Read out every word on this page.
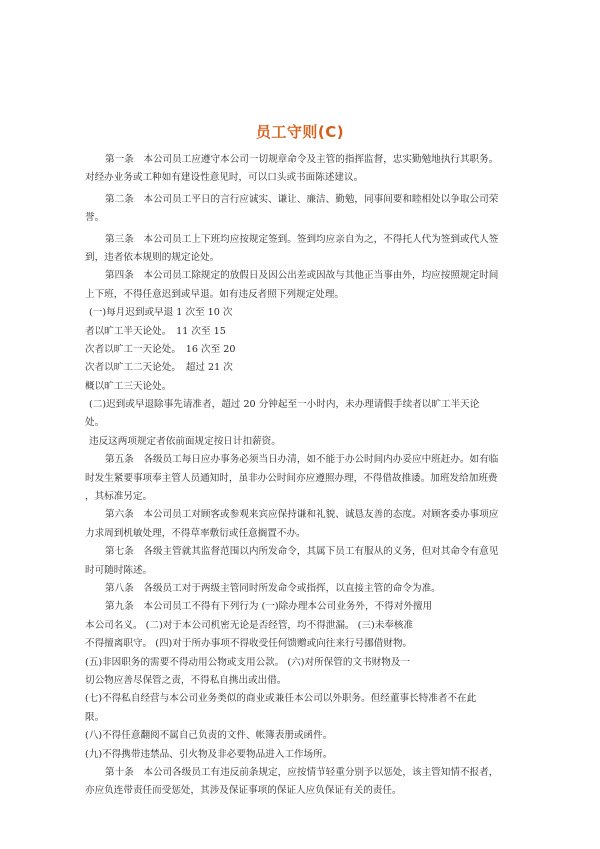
员工守则(C)
第一条　本公司员工应遵守本公司一切规章命令及主管的指挥监督，忠实勤勉地执行其职务。
对经办业务或工种如有建设性意见时，可以口头或书面陈述建议。
第二条　本公司员工平日的言行应诚实、谦让、廉洁、勤勉，同事间要和睦相处以争取公司荣
誉。
第三条　本公司员工上下班均应按规定签到。签到均应亲自为之，不得托人代为签到或代人签
到，违者依本规则的规定论处。
第四条　本公司员工除规定的放假日及因公出差或因故与其他正当事由外，均应按照规定时间
上下班，不得任意迟到或早退。如有违反者照下列规定处理。
(一)每月迟到或早退 1 次至 10 次
者以旷工半天论处。　11 次至 15
次者以旷工一天论处。　16 次至 20
次者以旷工二天论处。　超过 21 次
概以旷工三天论处。
(二)迟到或早退除事先请准者，超过 20 分钟起至一小时内，未办理请假手续者以旷工半天论
处。
违反这两项规定者依前面规定按日计扣薪资。
第五条　各级员工每日应办事务必须当日办清，如不能于办公时间内办妥应中班赶办。如有临
时发生紧要事项奉主管人员通知时，虽非办公时间亦应遵照办理，不得借故推诿。加班发给加班费
，其标准另定。
第六条　本公司员工对顾客或参观来宾应保持谦和礼貌、诚恳友善的态度。对顾客委办事项应
力求周到机敏处理，不得草率敷衍或任意搁置不办。
第七条　各级主管就其监督范围以内所发命令，其属下员工有服从的义务，但对其命令有意见
时可随时陈述。
第八条　各级员工对于两级主管同时所发命令或指挥，以直接主管的命令为准。
第九条　本公司员工不得有下列行为 (一)除办理本公司业务外，不得对外擅用
本公司名义。 (二)对于本公司机密无论是否经管，均不得泄漏。 (三)未奉核准
不得擅离职守。 (四)对于所办事项不得收受任何馈赠或向往来行号挪借财物。
(五)非因职务的需要不得动用公物或支用公款。 (六)对所保管的文书财物及一
切公物应善尽保管之责，不得私自携出或出借。
(七)不得私自经营与本公司业务类似的商业或兼任本公司以外职务。但经董事长特准者不在此
限。
(八)不得任意翻阅不属自己负责的文件、帐簿表册或函件。
(九)不得携带违禁品、引火物及非必要物品进入工作场所。
第十条　本公司各级员工有违反前条规定，应按情节轻重分别予以惩处，该主管知情不报者，
亦应负连带责任而受惩处，其涉及保证事项的保证人应负保证有关的责任。
